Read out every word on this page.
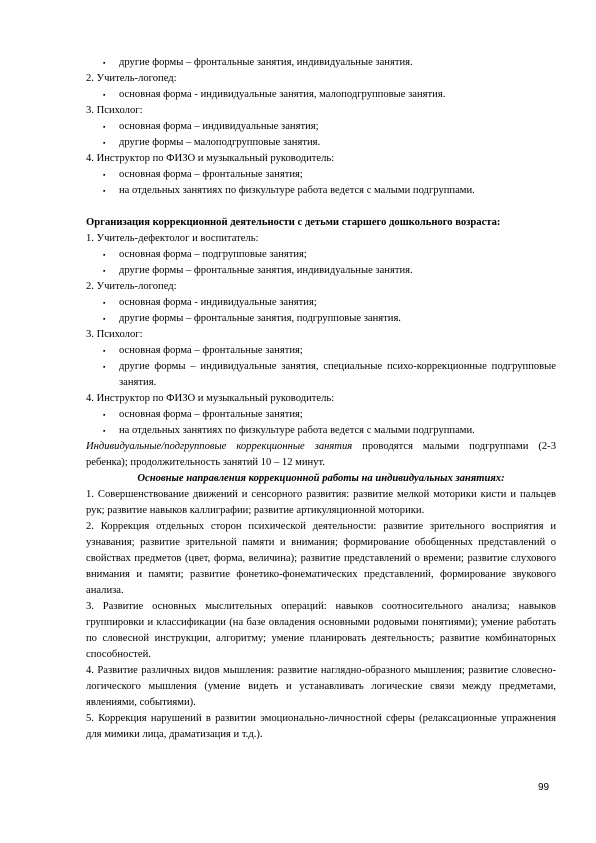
▪ другие формы – фронтальные занятия, индивидуальные занятия.
2. Учитель-логопед:
▪ основная форма - индивидуальные занятия, малоподгрупповые занятия.
3. Психолог:
▪ основная форма – индивидуальные занятия;
▪ другие формы – малоподгрупповые занятия.
4. Инструктор по ФИЗО и музыкальный руководитель:
▪ основная форма – фронтальные занятия;
▪ на отдельных занятиях по физкультуре работа ведется с малыми подгруппами.
Организация коррекционной деятельности с детьми старшего дошкольного возраста:
1. Учитель-дефектолог и воспитатель:
▪ основная форма – подгрупповые занятия;
▪ другие формы – фронтальные занятия, индивидуальные занятия.
2. Учитель-логопед:
▪ основная форма - индивидуальные занятия;
▪ другие формы – фронтальные занятия, подгрупповые занятия.
3. Психолог:
▪ основная форма – фронтальные занятия;
▪ другие формы – индивидуальные занятия, специальные психо-коррекционные подгрупповые занятия.
4. Инструктор по ФИЗО и музыкальный руководитель:
▪ основная форма – фронтальные занятия;
▪ на отдельных занятиях по физкультуре работа ведется с малыми подгруппами.
Индивидуальные/подгрупповые коррекционные занятия проводятся малыми подгруппами (2-3 ребенка); продолжительность занятий 10 – 12 минут.
Основные направления коррекционной работы на индивидуальных занятиях:
1. Совершенствование движений и сенсорного развития: развитие мелкой моторики кисти и пальцев рук; развитие навыков каллиграфии; развитие артикуляционной моторики.
2. Коррекция отдельных сторон психической деятельности: развитие зрительного восприятия и узнавания; развитие зрительной памяти и внимания; формирование обобщенных представлений о свойствах предметов (цвет, форма, величина); развитие представлений о времени; развитие слухового внимания и памяти; развитие фонетико-фонематических представлений, формирование звукового анализа.
3. Развитие основных мыслительных операций: навыков соотносительного анализа; навыков группировки и классификации (на базе овладения основными родовыми понятиями); умение работать по словесной инструкции, алгоритму; умение планировать деятельность; развитие комбинаторных способностей.
4. Развитие различных видов мышления: развитие наглядно-образного мышления; развитие словесно-логического мышления (умение видеть и устанавливать логические связи между предметами, явлениями, событиями).
5. Коррекция нарушений в развитии эмоционально-личностной сферы (релаксационные упражнения для мимики лица, драматизация и т.д.).
99
